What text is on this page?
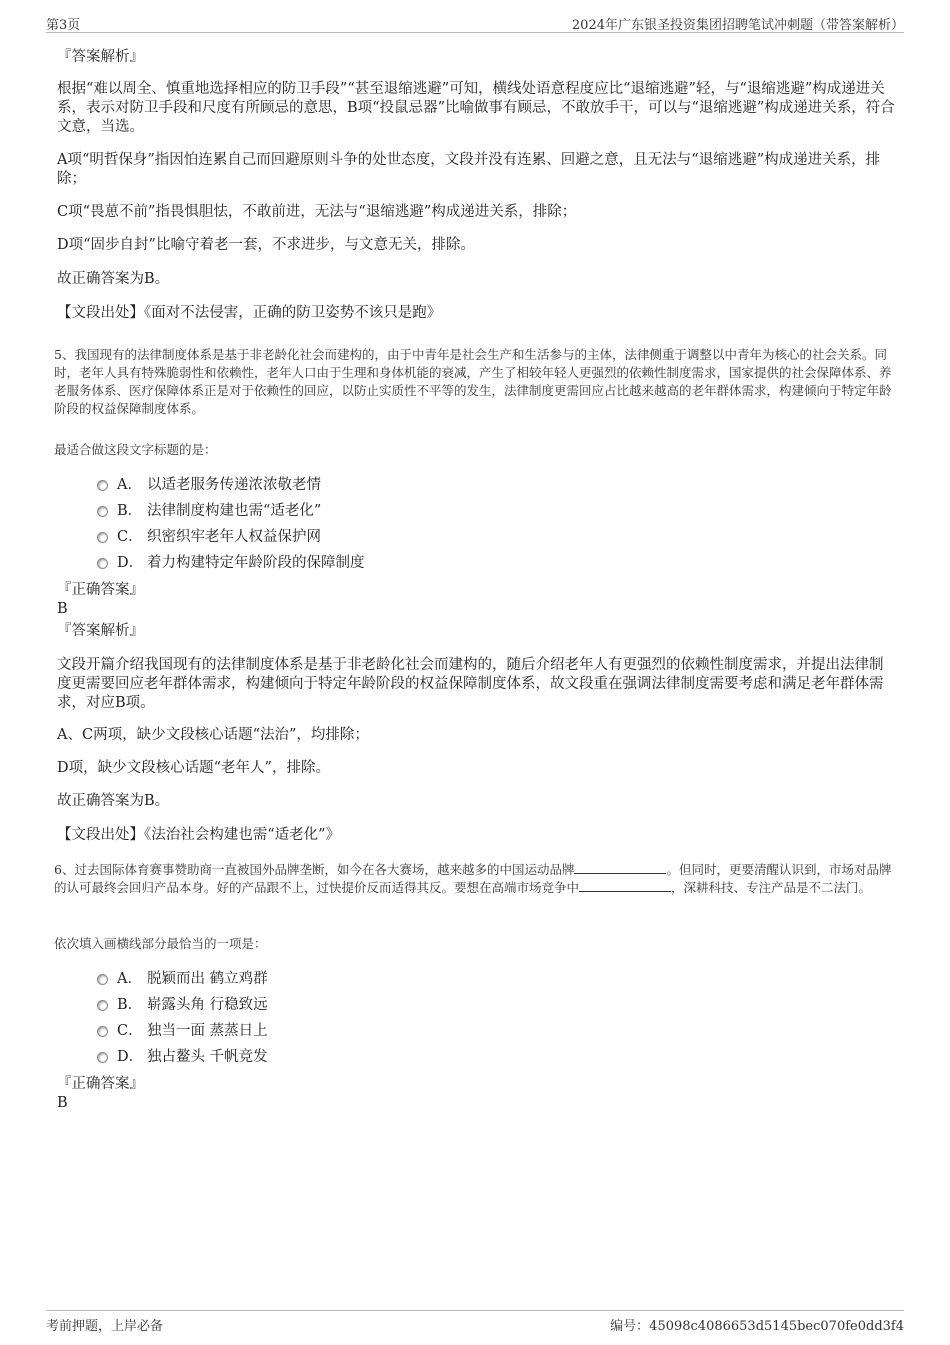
第3页	2024年广东银圣投资集团招聘笔试冲刺题（带答案解析）
『答案解析』
根据“难以周全、慎重地选择相应的防卫手段”“甚至退缩逃避”可知，横线处语意程度应比“退缩逃避”轻，与“退缩逃避”构成递进关系，表示对防卫手段和尺度有所顾忌的意思，B项“投鼠忌器”比喻做事有顾忌，不敢放手干，可以与“退缩逃避”构成递进关系，符合文意，当选。
A项“明哲保身”指因怕连累自己而回避原则斗争的处世态度，文段并没有连累、回避之意，且无法与“退缩逃避”构成递进关系，排除；
C项“畏葸不前”指畏惧胆怯，不敢前进，无法与“退缩逃避”构成递进关系，排除；
D项“固步自封”比喻守着老一套，不求进步，与文意无关，排除。
故正确答案为B。
【文段出处】《面对不法侵害，正确的防卫姿势不该只是跑》
5、我国现有的法律制度体系是基于非老龄化社会而建构的，由于中青年是社会生产和生活参与的主体，法律侧重于调整以中青年为核心的社会关系。同时，老年人具有特殊脆弱性和依赖性，老年人口由于生理和身体机能的衰减，产生了相较年轻人更强烈的依赖性制度需求，国家提供的社会保障体系、养老服务体系、医疗保障体系正是对于依赖性的回应，以防止实质性不平等的发生，法律制度更需回应占比越来越高的老年群体需求，构建倾向于特定年龄阶段的权益保障制度体系。
最适合做这段文字标题的是：
A． 以适老服务传递浓浓敬老情
B． 法律制度构建也需“适老化”
C． 织密织牢老年人权益保护网
D． 着力构建特定年龄阶段的保障制度
『正确答案』
B
『答案解析』
文段开篇介绍我国现有的法律制度体系是基于非老龄化社会而建构的，随后介绍老年人有更强烈的依赖性制度需求，并提出法律制度更需要回应老年群体需求，构建倾向于特定年龄阶段的权益保障制度体系，故文段重在强调法律制度需要考虑和满足老年群体需求，对应B项。
A、C两项，缺少文段核心话题“法治”，均排除；
D项，缺少文段核心话题“老年人”，排除。
故正确答案为B。
【文段出处】《法治社会构建也需“适老化”》
6、过去国际体育赛事赞助商一直被国外品牌垄断，如今在各大赛场，越来越多的中国运动品牌	。但同时，更要清醒认识到，市场对品牌的认可最终会回归产品本身。好的产品跟不上，过快提价反而适得其反。要想在高端市场竞争中	，深耕科技、专注产品是不二法门。
依次填入画横线部分最恰当的一项是：
A． 脱颖而出 鹤立鸡群
B． 崭露头角 行稳致远
C． 独当一面 蒸蒸日上
D． 独占鳌头 千帆竞发
『正确答案』
B
考前押题，上岸必备	编号：45098c4086653d5145bec070fe0dd3f4
